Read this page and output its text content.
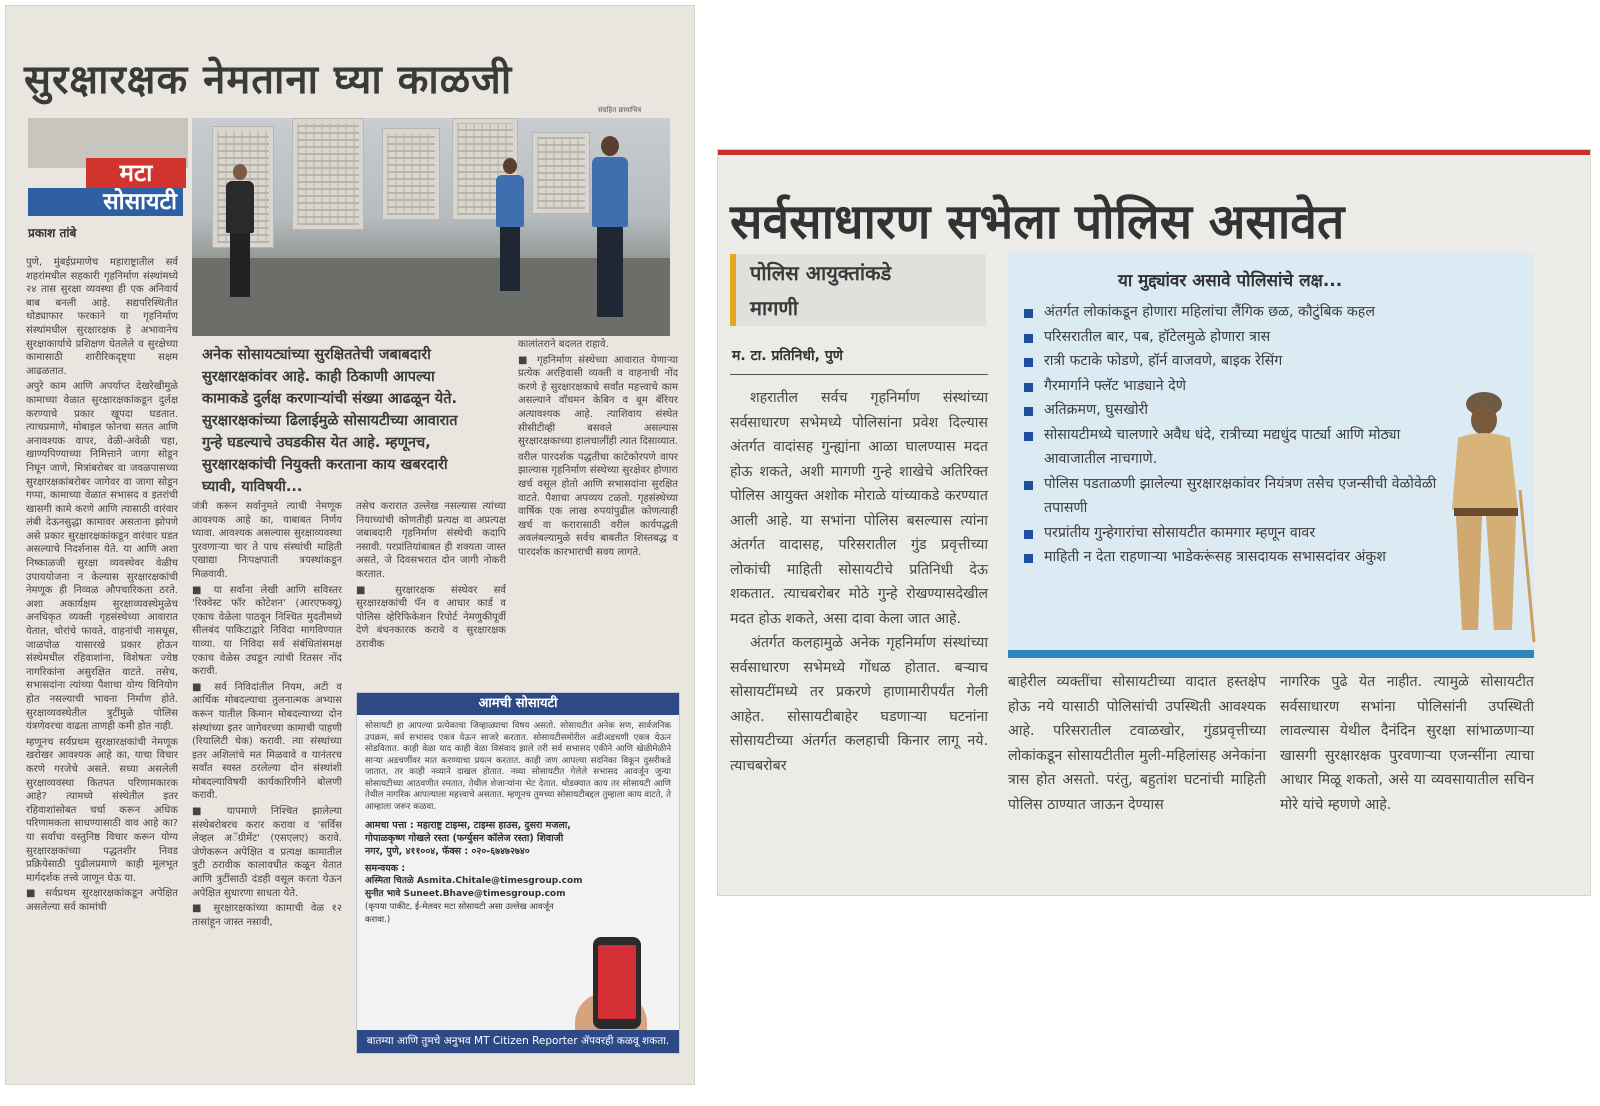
सुरक्षारक्षक नेमताना घ्या काळजी
संग्रहित छायाचित्र
मटा
सोसायटी
प्रकाश तांबे

पुणे, मुंबईप्रमाणेच महाराष्ट्रातील सर्व शहरांमधील सहकारी गृहनिर्माण संस्थांमध्ये २४ तास सुरक्षा व्यवस्था ही एक अनिवार्य बाब बनली आहे. सद्यपरिस्थितीत थोड्याफार फरकाने या गृहनिर्माण संस्थांमधील सुरक्षारक्षक हे अभावानेच सुरक्षाकार्याचे प्रशिक्षण घेतलेले व सुरक्षेच्या कामासाठी शारीरिकदृष्ट्या सक्षम आढळतात.

अपुरे काम आणि अपर्याप्त देखरेखीमुळे कामाच्या वेळात सुरक्षारक्षकांकडून दुर्लक्ष करण्याचे प्रकार खूपदा घडतात. त्याचप्रमाणे, मोबाइल फोनचा सतत आणि अनावश्यक वापर, वेळी-अवेळी चहा, खाण्यपिण्याच्या निमित्ताने जागा सोडून निघून जाणे, मित्रांबरोबर वा जवळपासच्या सुरक्षारक्षकांबरोबर जागेवर वा जागा सोडून गप्पा, कामाच्या वेळात सभासद व इतरांची खासगी कामे करणे आणि त्यासाठी वारंवार लंबी देऊनसुद्धा कामावर असताना झोपणे असे प्रकार सुरक्षारक्षकांकडून वारंवार घडत असल्याचे निदर्शनास येते. या आणि अशा निष्काळजी सुरक्षा व्यवस्थेवर वेळीच उपाययोजना न केल्यास सुरक्षारक्षकांची नेमणूक ही निव्वळ औपचारिकता ठरते. अशा अकार्यक्षम सुरक्षाव्यवस्थेमुळेच अनधिकृत व्यक्ती गृहसंस्थेच्या आवारात येतात, चोरांचे फावते, वाहनांची नासधूस, जाळपोळ यासारखे प्रकार होऊन संस्थेमधील रहिवाशांना, विशेषतः ज्येष्ठ नागरिकांना असुरक्षित वाटते. तसेच, सभासदांना त्यांच्या पैशाचा योग्य विनियोग होत नसल्याची भावना निर्माण होते. सुरक्षाव्यवस्थेतील त्रुटींमुळे पोलिस यंत्रणेवरचा वाढता ताणही कमी होत नाही.

म्हणूनच सर्वप्रथम सुरक्षारक्षकांची नेमणूक खरोखर आवश्यक आहे का, याचा विचार करणे गरजेचे असते. सध्या असलेली सुरक्षाव्यवस्था कितपत परिणामकारक आहे? त्यामध्ये संस्थेतील इतर रहिवाशांसोबत चर्चा करून अधिक परिणामकता साधण्यासाठी वाव आहे का? या सर्वांचा वस्तुनिष्ठ विचार करून योग्य सुरक्षारक्षकांच्या पद्धतशीर निवड प्रक्रियेसाठी पुढीलप्रमाणे काही मूलभूत मार्गदर्शक तत्त्वे जाणून घेऊ या.

■ सर्वप्रथम सुरक्षारक्षकांकडून अपेक्षित असलेल्या सर्व कामांची

अनेक सोसायट्यांच्या सुरक्षिततेची जबाबदारी सुरक्षारक्षकांवर आहे. काही ठिकाणी आपल्या कामाकडे दुर्लक्ष करणाऱ्यांची संख्या आढळून येते. सुरक्षारक्षकांच्या ढिलाईमुळे सोसायटीच्या आवारात गुन्हे घडल्याचे उघडकीस येत आहे. म्हणूनच, सुरक्षारक्षकांची नियुक्ती करताना काय खबरदारी घ्यावी, याविषयी...

जंत्री करून सर्वानुमते त्याची नेमणूक आवश्यक आहे का, याबाबत निर्णय घ्यावा. आवश्यक असल्यास सुरक्षाव्यवस्था पुरवणाऱ्या चार ते पाच संस्थांची माहिती एखाद्या निःपक्षपाती त्रयस्थांकडून मिळवावी.

■ या सर्वांना लेखी आणि सविस्तर 'रिक्वेस्ट फॉर कोटेशन' (आरएफक्यू) एकाच वेळेला पाठवून निश्चित मुदतीमध्ये सीलबंद पाकिटाद्वारे निविदा मागविण्यात याव्या. या निविदा सर्व संबंधितांसमक्ष एकाच वेळेस उघडून त्यांची रितसर नोंद करावी.

■ सर्व निविदांतील नियम, अटी व आर्थिक मोबदल्याचा तुलनात्मक अभ्यास करून यातील किमान मोबदल्याच्या दोन संस्थांच्या इतर जागेवरच्या कामाची पाहणी (रियालिटी चेक) करावी. त्या संस्थांच्या इतर अशिलांचे मत मिळवावे व यानंतरच सर्वांत स्वस्त ठरलेल्या दोन संस्थांशी मोबदल्याविषयी कार्यकारिणीने बोलणी करावी.

■ यापमाणे निश्चित झालेल्या संस्थेबरोबरच करार करावा व 'सर्विस लेव्हल अॅग्रीमेंट' (एसएलए) करावे. जेणेकरून अपेक्षित व प्रत्यक्ष कामातील त्रुटी ठरावीक कालावधीत कळून येतात आणि त्रुटींसाठी दंडही वसूल करता येऊन अपेक्षित सुधारणा साधता येते.

■ सुरक्षारक्षकांच्या कामाची वेळ १२ तासांहून जास्त नसावी,

तसेच करारात उल्लेख नसल्यास त्यांच्या नियाच्यांची कोणतीही प्रत्यक्ष वा अप्रत्यक्ष जबाबदारी गृहनिर्माण संस्थेची कदापि नसावी. परप्रांतियांबाबत ही शक्यता जास्त असते, जे दिवसभरात दोन जागी नोकरी करतात.

■ सुरक्षारक्षक संस्थेवर सर्व सुरक्षारक्षकांची पॅन व आधार कार्ड व पोलिस व्हेरिफिकेशन रिपोर्ट नेमणुकीपूर्वी देणे बंधनकारक करावे व सुरक्षारक्षक ठरावीक

कालांतराने बदलत राहावे.

■ गृहनिर्माण संस्थेच्या आवारात येणाऱ्या प्रत्येक अरहिवासी व्यक्ती व वाहनाची नोंद करणे हे सुरक्षारक्षकाचे सर्वांत महत्त्वाचे काम असल्याने वॉचमन केबिन व बूम बॅरियर अत्यावश्यक आहे. त्याशिवाय संस्थेत सीसीटीव्ही बसवले असल्यास सुरक्षारक्षकाच्या हालचालींही त्यात दिसाव्यात.

वरील पारदर्शक पद्धतीचा काटेकोरपणे वापर झाल्यास गृहनिर्माण संस्थेच्या सुरक्षेवर होणारा खर्च वसूल होतो आणि सभासदांना सुरक्षित वाटते. पैशाचा अपव्यय टळतो. गृहसंस्थेच्या वार्षिक एक लाख रुपयांपुढील कोणत्याही खर्च वा करारासाठी वरील कार्यपद्धती अवलंबल्यामुळे सर्वच बाबतीत शिस्तबद्ध व पारदर्शक कारभाराची सवय लागते.

आमची सोसायटी
सोसायटी हा आपल्या प्रत्येकाचा जिव्हाळ्याचा विषय असतो. सोसायटीत अनेक सण, सार्वजनिक उपक्रम, सर्व सभासद एकत्र येऊन साजरे करतात. सोसायटीसमोरील अडीअडचणी एकत्र येऊन सोडवितात. काही वेळा याद काही वेळा विसंवाद झाले तरी सर्व सभासद एकीने आणि खेळीमेळीने साऱ्या अडचणींवर मात करण्याचा प्रयत्न करतात. काही जण आपल्या सदनिका विकून दुसरीकडे जातात, तर काही नव्याने दाखल होतात. नव्या सोसायटीत गेलेले सभासद आवर्जून जुन्या सोसायटीच्या आठवणीत रमतात, तेथील शेजाऱ्यांना भेट देतात. थोडक्यात काय तर सोसायटी आणि तेथील नागरिक आपल्याला महत्त्वाचे असतात. म्हणूनच तुमच्या सोसायटीबद्दल तुम्हाला काय वाटते, ते आम्हाला जरूर कळवा.
आमचा पत्ता : महाराष्ट्र टाइम्स, टाइम्स हाउस, दुसरा मजला, गोपाळकृष्ण गोखले रस्ता (फर्ग्युसन कॉलेज रस्ता) शिवाजी नगर, पुणे, ४११००४, फॅक्स : ०२०-६७४७२७४०
समन्वयक :
अस्मिता चितळे Asmita.Chitale@timesgroup.com
सुनीत भावे Suneet.Bhave@timesgroup.com
(कृपया पाकीट, ई-मेलवर मटा सोसायटी असा उल्लेख आवर्जून करावा.)
बातम्या आणि तुमचे अनुभव MT Citizen Reporter ॲपवरही कळवू शकता.
सर्वसाधारण सभेला पोलिस असावेत
पोलिस आयुक्तांकडे
मागणी
म. टा. प्रतिनिधी, पुणे

शहरातील सर्वच गृहनिर्माण संस्थांच्या सर्वसाधारण सभेमध्ये पोलिसांना प्रवेश दिल्यास अंतर्गत वादांसह गुन्ह्यांना आळा घालण्यास मदत होऊ शकते, अशी मागणी गुन्हे शाखेचे अतिरिक्त पोलिस आयुक्त अशोक मोराळे यांच्याकडे करण्यात आली आहे. या सभांना पोलिस बसल्यास त्यांना अंतर्गत वादासह, परिसरातील गुंड प्रवृत्तीच्या लोकांची माहिती सोसायटीचे प्रतिनिधी देऊ शकतात. त्याचबरोबर मोठे गुन्हे रोखण्यासदेखील मदत होऊ शकते, असा दावा केला जात आहे.

अंतर्गत कलहामुळे अनेक गृहनिर्माण संस्थांच्या सर्वसाधारण सभेमध्ये गोंधळ होतात. बऱ्याच सोसायटींमध्ये तर प्रकरणे हाणामारीपर्यंत गेली आहेत. सोसायटीबाहेर घडणाऱ्या घटनांना सोसायटीच्या अंतर्गत कलहाची किनार लागू नये. त्याचबरोबर

या मुद्द्यांवर असावे पोलिसांचे लक्ष...
अंतर्गत लोकांकडून होणारा महिलांचा लैंगिक छळ, कौटुंबिक कहल
परिसरातील बार, पब, हॉटेलमुळे होणारा त्रास
रात्री फटाके फोडणे, हॉर्न वाजवणे, बाइक रेसिंग
गैरमार्गाने फ्लॅट भाड्याने देणे
अतिक्रमण, घुसखोरी
सोसायटीमध्ये चालणारे अवैध धंदे, रात्रीच्या मद्यधुंद पार्ट्या आणि मोठ्या आवाजातील नाचगाणे.
पोलिस पडताळणी झालेल्या सुरक्षारक्षकांवर नियंत्रण तसेच एजन्सीची वेळोवेळी तपासणी
परप्रांतीय गुन्हेगारांचा सोसायटीत कामगार म्हणून वावर
माहिती न देता राहणाऱ्या भाडेकरूंसह त्रासदायक सभासदांवर अंकुश

बाहेरील व्यक्तींचा सोसायटीच्या वादात हस्तक्षेप होऊ नये यासाठी पोलिसांची उपस्थिती आवश्यक आहे. परिसरातील टवाळखोर, गुंडप्रवृत्तीच्या लोकांकडून सोसायटीतील मुली-महिलांसह अनेकांना त्रास होत असतो. परंतु, बहुतांश घटनांची माहिती पोलिस ठाण्यात जाऊन देण्यास

नागरिक पुढे येत नाहीत. त्यामुळे सोसायटीत सर्वसाधारण सभांना पोलिसांनी उपस्थिती लावल्यास येथील दैनंदिन सुरक्षा सांभाळणाऱ्या खासगी सुरक्षारक्षक पुरवणाऱ्या एजन्सींना त्याचा आधार मिळू शकतो, असे या व्यवसायातील सचिन मोरे यांचे म्हणणे आहे.
